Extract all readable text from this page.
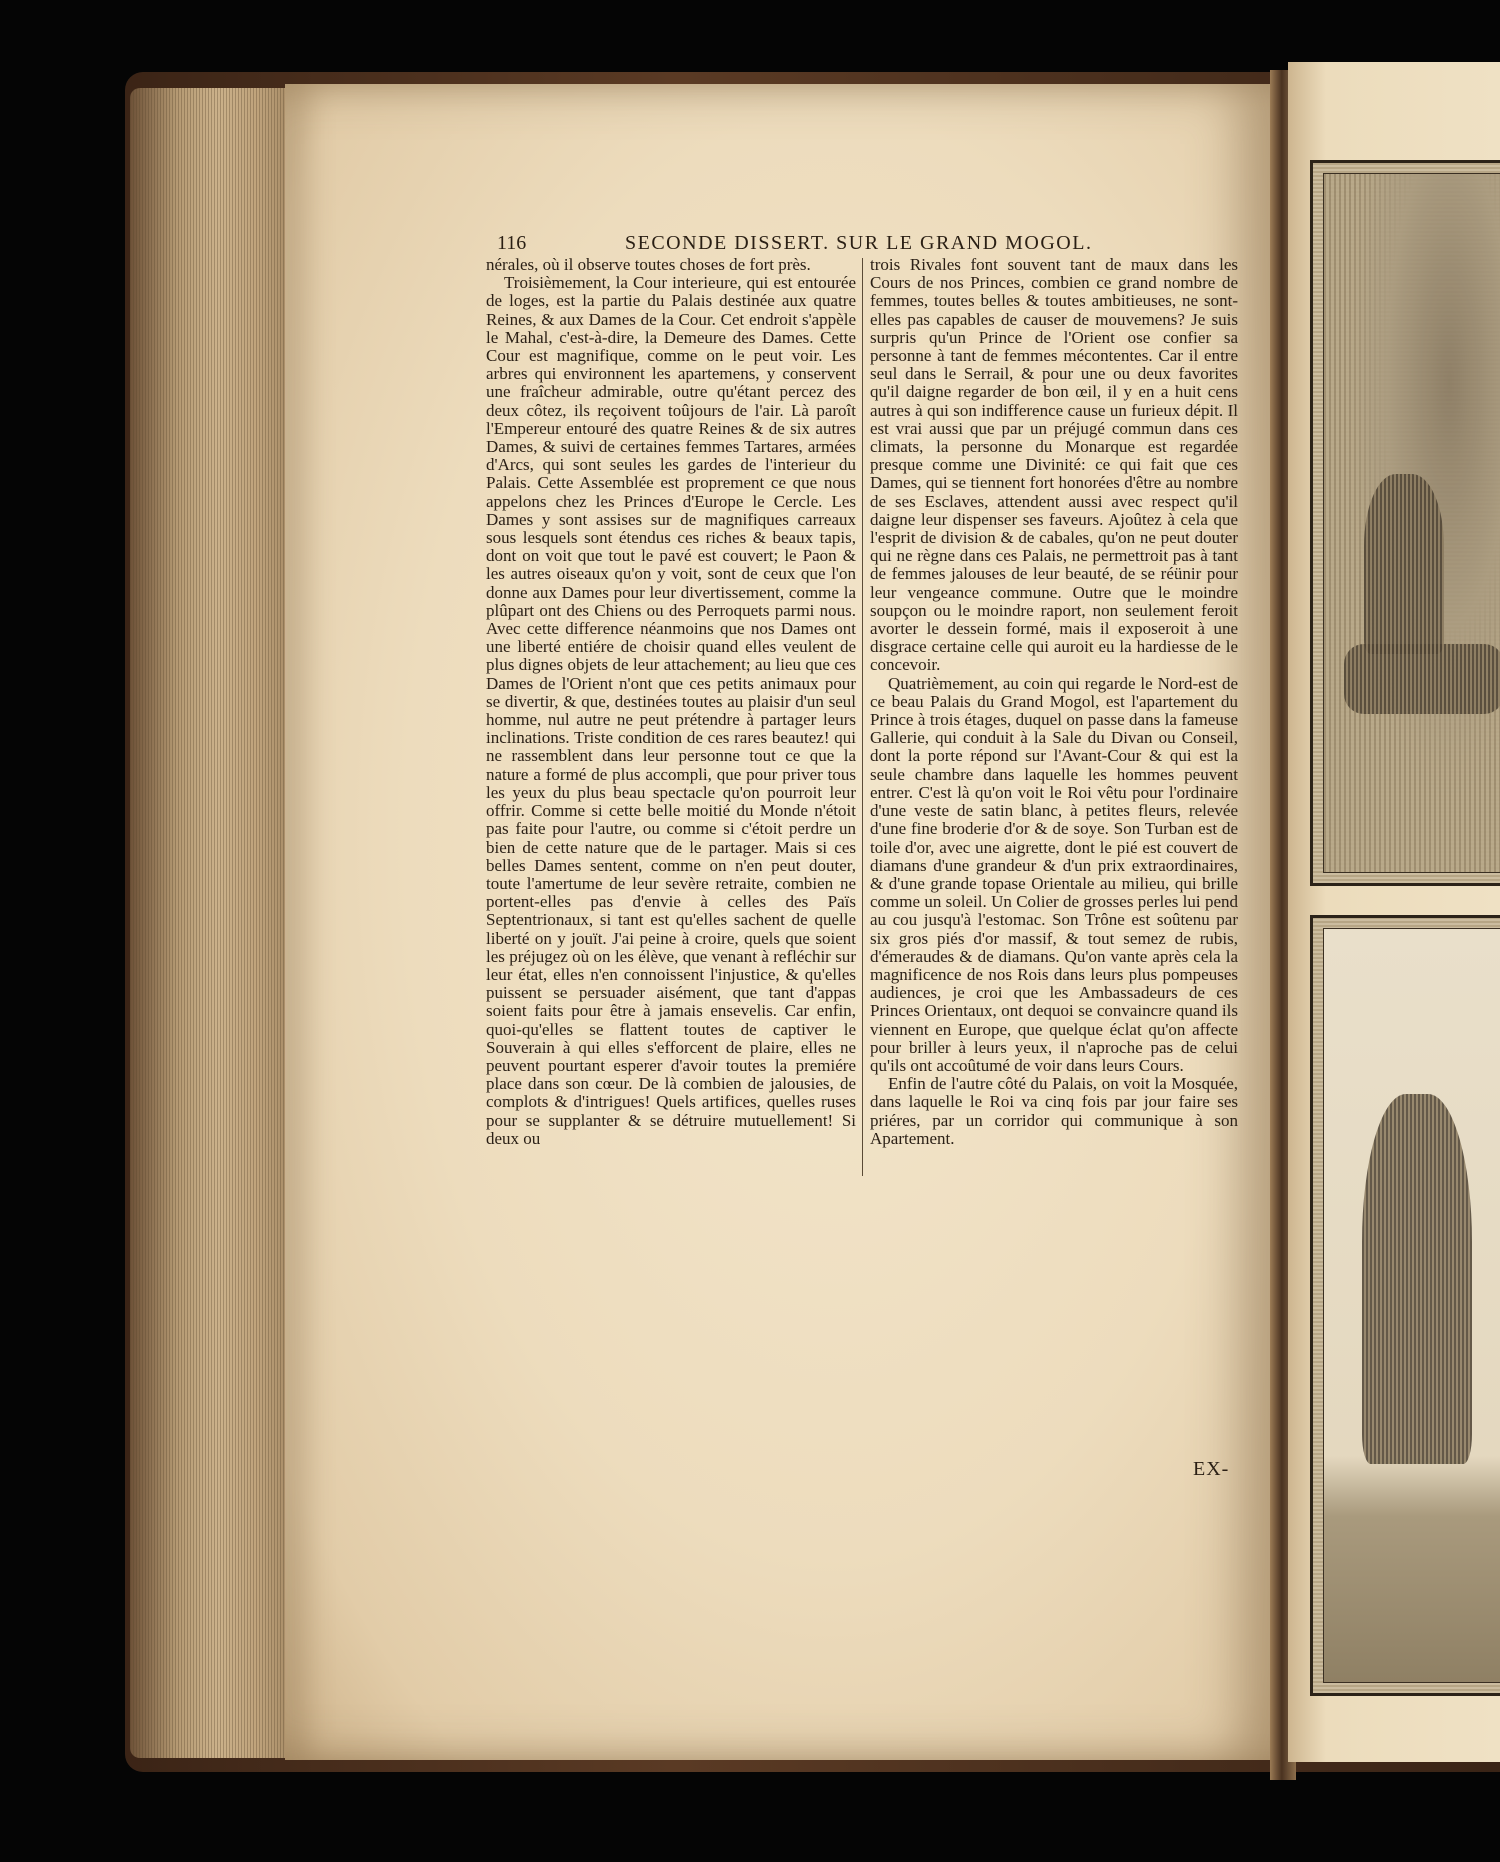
116	SECONDE DISSERT. SUR LE GRAND MOGOL.

nérales, où il observe toutes choses de fort près.

Troisièmement, la Cour interieure, qui est entourée de loges, est la partie du Palais destinée aux quatre Reines, & aux Dames de la Cour. Cet endroit s'appèle le Mahal, c'est-à-dire, la Demeure des Dames. Cette Cour est magnifique, comme on le peut voir. Les arbres qui environnent les apartemens, y conservent une fraîcheur admirable, outre qu'étant percez des deux côtez, ils reçoivent toûjours de l'air. Là paroît l'Empereur entouré des quatre Reines & de six autres Dames, & suivi de certaines femmes Tartares, armées d'Arcs, qui sont seules les gardes de l'interieur du Palais. Cette Assemblée est proprement ce que nous appelons chez les Princes d'Europe le Cercle. Les Dames y sont assises sur de magnifiques carreaux sous lesquels sont étendus ces riches & beaux tapis, dont on voit que tout le pavé est couvert; le Paon & les autres oiseaux qu'on y voit, sont de ceux que l'on donne aux Dames pour leur divertissement, comme la plûpart ont des Chiens ou des Perroquets parmi nous. Avec cette difference néanmoins que nos Dames ont une liberté entiére de choisir quand elles veulent de plus dignes objets de leur attachement; au lieu que ces Dames de l'Orient n'ont que ces petits animaux pour se divertir, & que, destinées toutes au plaisir d'un seul homme, nul autre ne peut prétendre à partager leurs inclinations. Triste condition de ces rares beautez! qui ne rassemblent dans leur personne tout ce que la nature a formé de plus accompli, que pour priver tous les yeux du plus beau spectacle qu'on pourroit leur offrir. Comme si cette belle moitié du Monde n'étoit pas faite pour l'autre, ou comme si c'étoit perdre un bien de cette nature que de le partager. Mais si ces belles Dames sentent, comme on n'en peut douter, toute l'amertume de leur sevère retraite, combien ne portent-elles pas d'envie à celles des Païs Septentrionaux, si tant est qu'elles sachent de quelle liberté on y jouït. J'ai peine à croire, quels que soient les préjugez où on les élève, que venant à refléchir sur leur état, elles n'en connoissent l'injustice, & qu'elles puissent se persuader aisément, que tant d'appas soient faits pour être à jamais ensevelis. Car enfin, quoi-qu'elles se flattent toutes de captiver le Souverain à qui elles s'efforcent de plaire, elles ne peuvent pourtant esperer d'avoir toutes la premiére place dans son cœur. De là combien de jalousies, de complots & d'intrigues! Quels artifices, quelles ruses pour se supplanter & se détruire mutuellement! Si deux ou

trois Rivales font souvent tant de maux dans les Cours de nos Princes, combien ce grand nombre de femmes, toutes belles & toutes ambitieuses, ne sont-elles pas capables de causer de mouvemens? Je suis surpris qu'un Prince de l'Orient ose confier sa personne à tant de femmes mécontentes. Car il entre seul dans le Serrail, & pour une ou deux favorites qu'il daigne regarder de bon œil, il y en a huit cens autres à qui son indifference cause un furieux dépit. Il est vrai aussi que par un préjugé commun dans ces climats, la personne du Monarque est regardée presque comme une Divinité: ce qui fait que ces Dames, qui se tiennent fort honorées d'être au nombre de ses Esclaves, attendent aussi avec respect qu'il daigne leur dispenser ses faveurs. Ajoûtez à cela que l'esprit de division & de cabales, qu'on ne peut douter qui ne règne dans ces Palais, ne permettroit pas à tant de femmes jalouses de leur beauté, de se réünir pour leur vengeance commune. Outre que le moindre soupçon ou le moindre raport, non seulement feroit avorter le dessein formé, mais il exposeroit à une disgrace certaine celle qui auroit eu la hardiesse de le concevoir.

Quatrièmement, au coin qui regarde le Nord-est de ce beau Palais du Grand Mogol, est l'apartement du Prince à trois étages, duquel on passe dans la fameuse Gallerie, qui conduit à la Sale du Divan ou Conseil, dont la porte répond sur l'Avant-Cour & qui est la seule chambre dans laquelle les hommes peuvent entrer. C'est là qu'on voit le Roi vêtu pour l'ordinaire d'une veste de satin blanc, à petites fleurs, relevée d'une fine broderie d'or & de soye. Son Turban est de toile d'or, avec une aigrette, dont le pié est couvert de diamans d'une grandeur & d'un prix extraordinaires, & d'une grande topase Orientale au milieu, qui brille comme un soleil. Un Colier de grosses perles lui pend au cou jusqu'à l'estomac. Son Trône est soûtenu par six gros piés d'or massif, & tout semez de rubis, d'émeraudes & de diamans. Qu'on vante après cela la magnificence de nos Rois dans leurs plus pompeuses audiences, je croi que les Ambassadeurs de ces Princes Orientaux, ont dequoi se convaincre quand ils viennent en Europe, que quelque éclat qu'on affecte pour briller à leurs yeux, il n'aproche pas de celui qu'ils ont accoûtumé de voir dans leurs Cours.

Enfin de l'autre côté du Palais, on voit la Mosquée, dans laquelle le Roi va cinq fois par jour faire ses priéres, par un corridor qui communique à son Apartement.

EX-
